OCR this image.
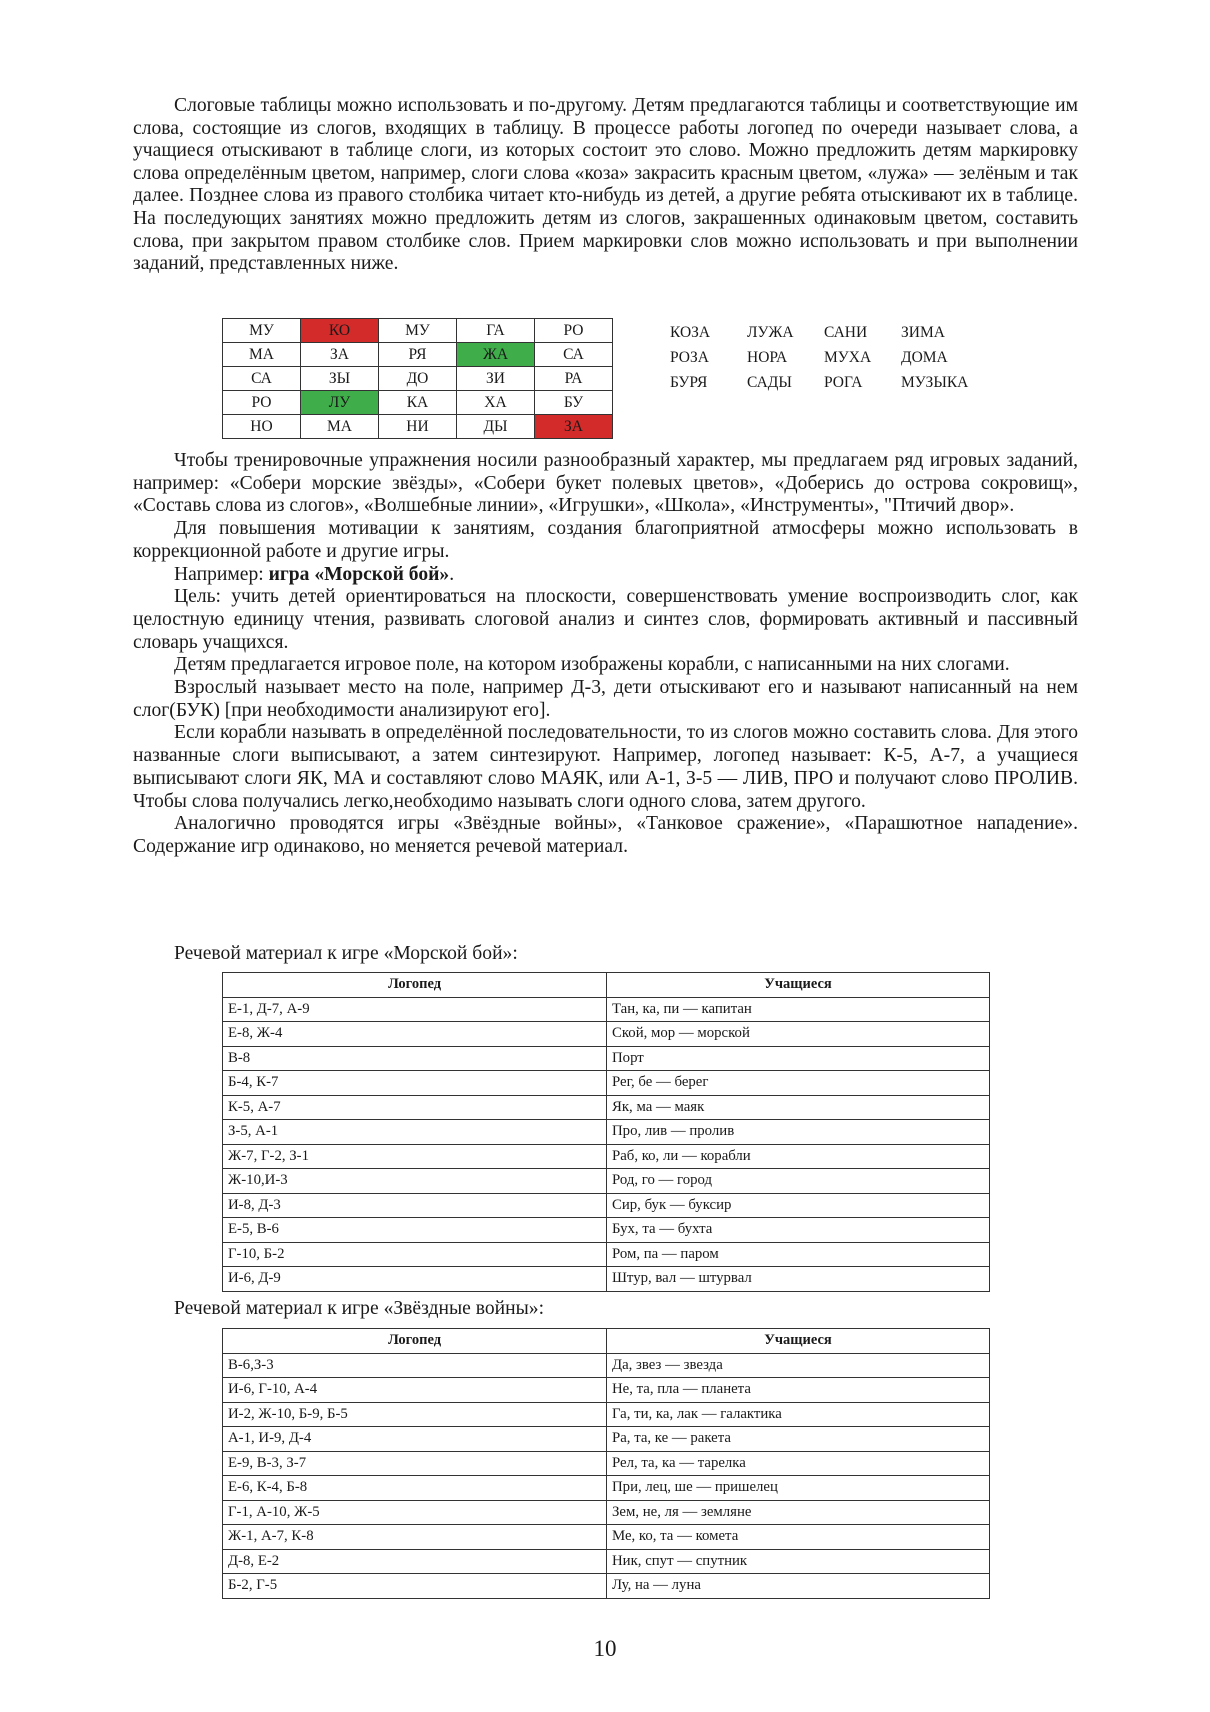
Слоговые таблицы можно использовать и по-другому. Детям предлагаются таблицы и соответствующие им слова, состоящие из слогов, входящих в таблицу. В процессе работы логопед по очереди называет слова, а учащиеся отыскивают в таблице слоги, из которых состоит это слово. Можно предложить детям маркировку слова определённым цветом, например, слоги слова «коза» закрасить красным цветом, «лужа» — зелёным и так далее. Позднее слова из правого столбика читает кто-нибудь из детей, а другие ребята отыскивают их в таблице. На последующих занятиях можно предложить детям из слогов, закрашенных одинаковым цветом, составить слова, при закрытом правом столбике слов. Прием маркировки слов можно использовать и при выполнении заданий, представленных ниже.

МУ	КО	МУ	ГА	РО
МА	ЗА	РЯ	ЖА	СА
СА	ЗЫ	ДО	ЗИ	РА
РО	ЛУ	КА	ХА	БУ
НО	МА	НИ	ДЫ	ЗА
КОЗА	ЛУЖА	САНИ	ЗИМА
РОЗА	НОРА	МУХА	ДОМА
БУРЯ	САДЫ	РОГА	МУЗЫКА

Чтобы тренировочные упражнения носили разнообразный характер, мы предлагаем ряд игровых заданий, например: «Собери морские звёзды», «Собери букет полевых цветов», «Доберись до острова сокровищ», «Составь слова из слогов», «Волшебные линии», «Игрушки», «Школа», «Инструменты», "Птичий двор».

Для повышения мотивации к занятиям, создания благоприятной атмосферы можно использовать в коррекционной работе и другие игры.

Например: игра «Морской бой».

Цель: учить детей ориентироваться на плоскости, совершенствовать умение воспроизводить слог, как целостную единицу чтения, развивать слоговой анализ и синтез слов, формировать активный и пассивный словарь учащихся.

Детям предлагается игровое поле, на котором изображены корабли, с написанными на них слогами.

Взрослый называет место на поле, например Д-3, дети отыскивают его и называют написанный на нем слог(БУК) [при необходимости анализируют его].

Если корабли называть в определённой последовательности, то из слогов можно составить слова. Для этого названные слоги выписывают, а затем синтезируют. Например, логопед называет: К-5, А-7, а учащиеся выписывают слоги ЯК, МА и составляют слово МАЯК, или А-1, З-5 — ЛИВ, ПРО и получают слово ПРОЛИВ. Чтобы слова получались легко,необходимо называть слоги одного слова, затем другого.

Аналогично проводятся игры «Звёздные войны», «Танковое сражение», «Парашютное нападение». Содержание игр одинаково, но меняется речевой материал.

Речевой материал к игре «Морской бой»:
Логопед	Учащиеся
Е-1, Д-7, А-9	Тан, ка, пи — капитан
Е-8, Ж-4	Ской, мор — морской
В-8	Порт
Б-4, К-7	Рег, бе — берег
К-5, А-7	Як, ма — маяк
З-5, А-1	Про, лив — пролив
Ж-7, Г-2, З-1	Раб, ко, ли — корабли
Ж-10,И-3	Род, го — город
И-8, Д-3	Сир, бук — буксир
Е-5, В-6	Бух, та — бухта
Г-10, Б-2	Ром, па — паром
И-6, Д-9	Штур, вал — штурвал
Речевой материал к игре «Звёздные войны»:
Логопед	Учащиеся
В-6,З-3	Да, звез — звезда
И-6, Г-10, А-4	Не, та, пла — планета
И-2, Ж-10, Б-9, Б-5	Га, ти, ка, лак — галактика
А-1, И-9, Д-4	Ра, та, ке — ракета
Е-9, В-3, З-7	Рел, та, ка — тарелка
Е-6, К-4, Б-8	При, лец, ше — пришелец
Г-1, А-10, Ж-5	Зем, не, ля — земляне
Ж-1, А-7, К-8	Ме, ко, та — комета
Д-8, Е-2	Ник, спут — спутник
Б-2, Г-5	Лу, на — луна
10
